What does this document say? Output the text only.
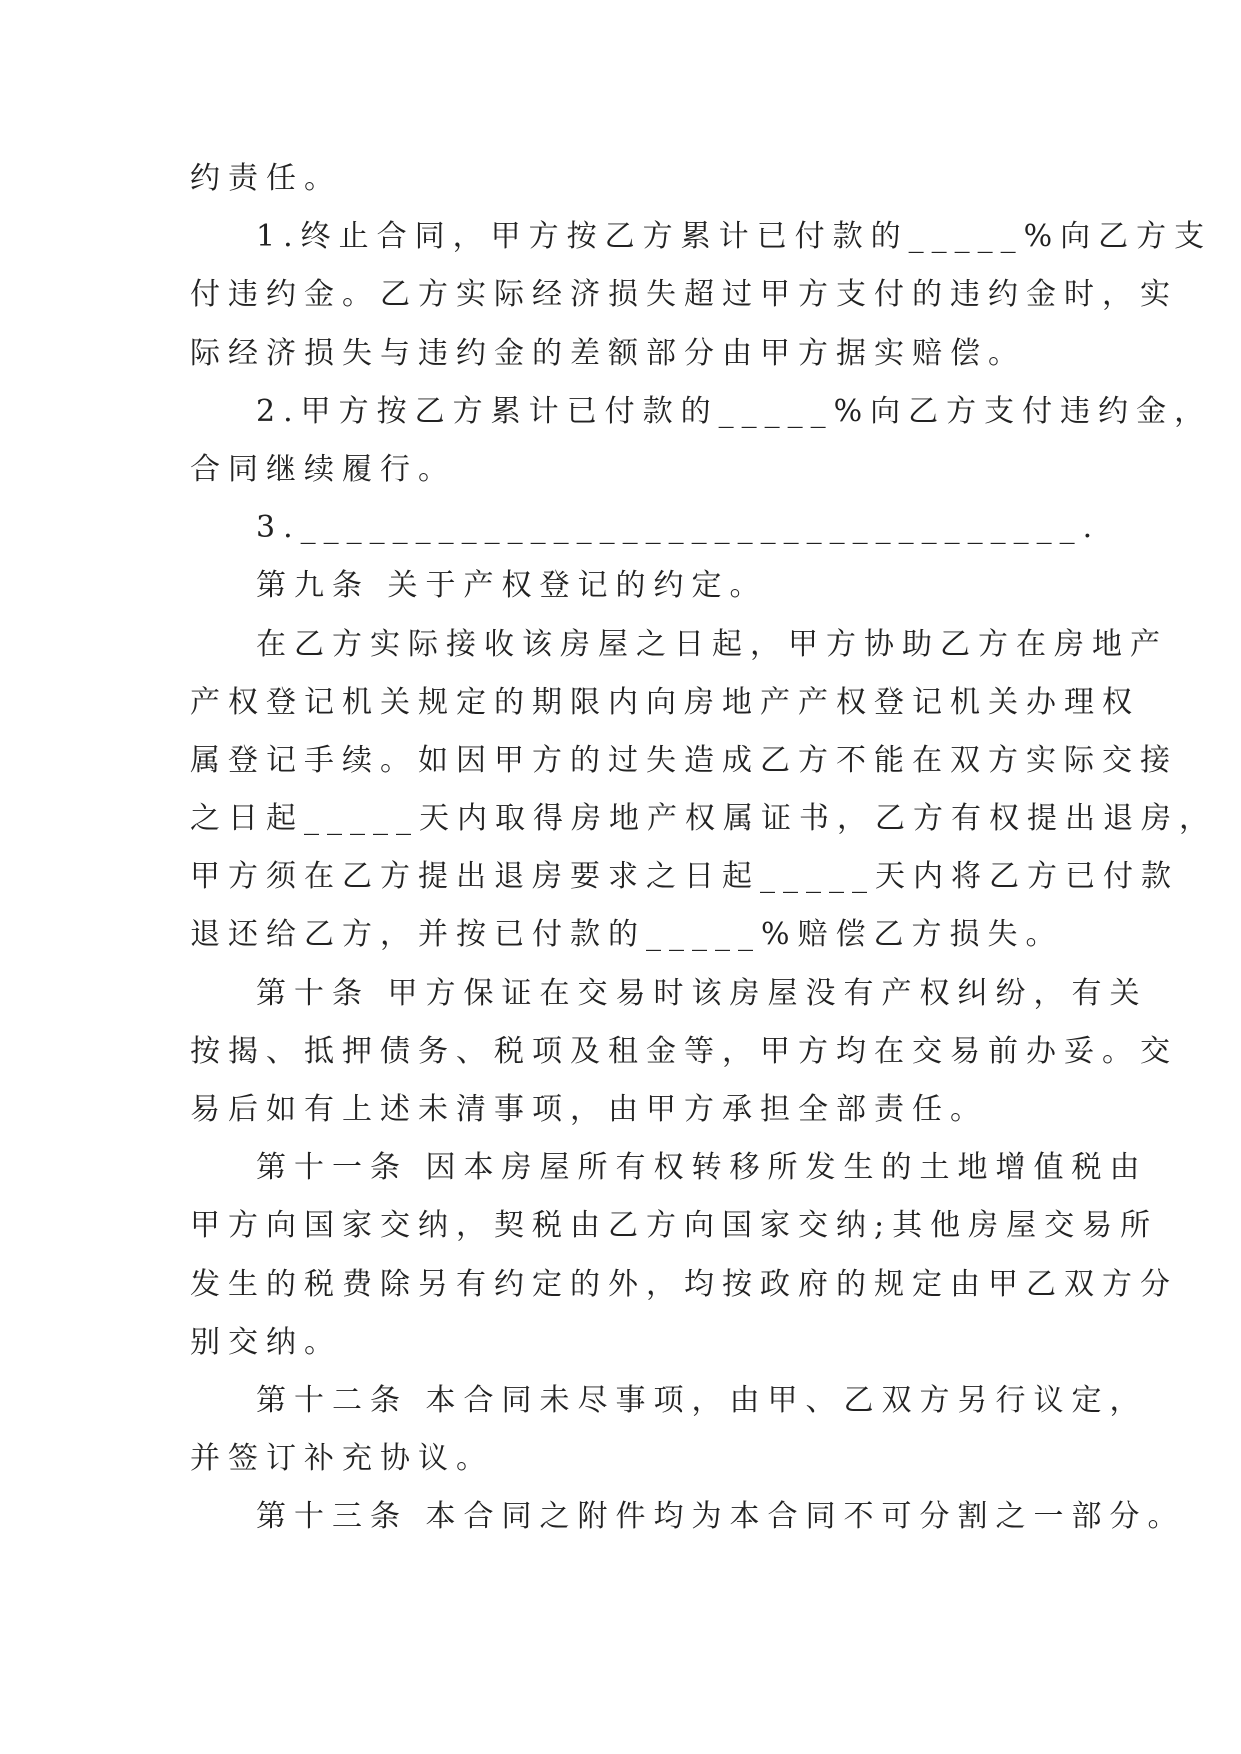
约责任。
1.终止合同，甲方按乙方累计已付款的_____%向乙方支
付违约金。乙方实际经济损失超过甲方支付的违约金时，实
际经济损失与违约金的差额部分由甲方据实赔偿。
2.甲方按乙方累计已付款的_____%向乙方支付违约金，
合同继续履行。
3.__________________________________.
第九条 关于产权登记的约定。
在乙方实际接收该房屋之日起，甲方协助乙方在房地产
产权登记机关规定的期限内向房地产产权登记机关办理权
属登记手续。如因甲方的过失造成乙方不能在双方实际交接
之日起_____天内取得房地产权属证书，乙方有权提出退房，
甲方须在乙方提出退房要求之日起_____天内将乙方已付款
退还给乙方，并按已付款的_____%赔偿乙方损失。
第十条 甲方保证在交易时该房屋没有产权纠纷，有关
按揭、抵押债务、税项及租金等，甲方均在交易前办妥。交
易后如有上述未清事项，由甲方承担全部责任。
第十一条 因本房屋所有权转移所发生的土地增值税由
甲方向国家交纳，契税由乙方向国家交纳;其他房屋交易所
发生的税费除另有约定的外，均按政府的规定由甲乙双方分
别交纳。
第十二条 本合同未尽事项，由甲、乙双方另行议定，
并签订补充协议。
第十三条 本合同之附件均为本合同不可分割之一部分。
